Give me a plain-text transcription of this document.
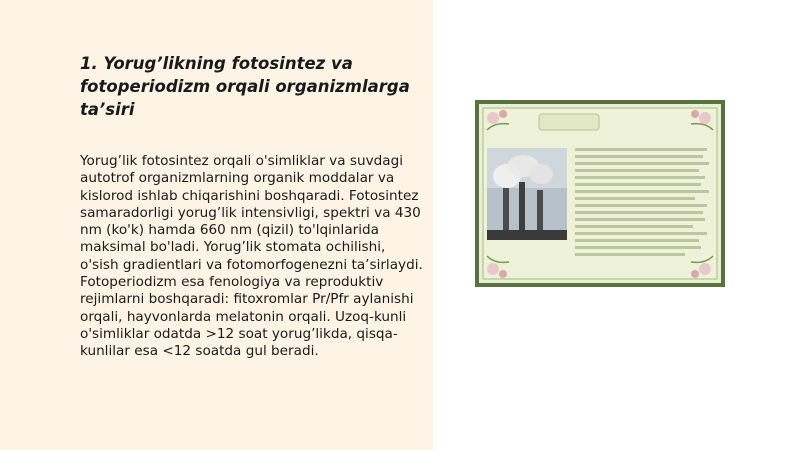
1. Yorug’likning fotosintez va fotoperiodizm orqali organizmlarga ta’siri

Yorug’lik fotosintez orqali o'simliklar va suvdagi autotrof organizmlarning organik moddalar va kislorod ishlab chiqarishini boshqaradi. Fotosintez samaradorligi yorug’lik intensivligi, spektri va 430 nm (ko'k) hamda 660 nm (qizil) to'lqinlarida maksimal bo'ladi. Yorug’lik stomata ochilishi, o'sish gradientlari va fotomorfogenezni ta’sirlaydi. Fotoperiodizm esa fenologiya va reproduktiv rejimlarni boshqaradi: fitoxromlar Pr/Pfr aylanishi orqali, hayvonlarda melatonin orqali. Uzoq-kunli o'simliklar odatda >12 soat yorug’likda, qisqa-kunlilar esa <12 soatda gul beradi.
